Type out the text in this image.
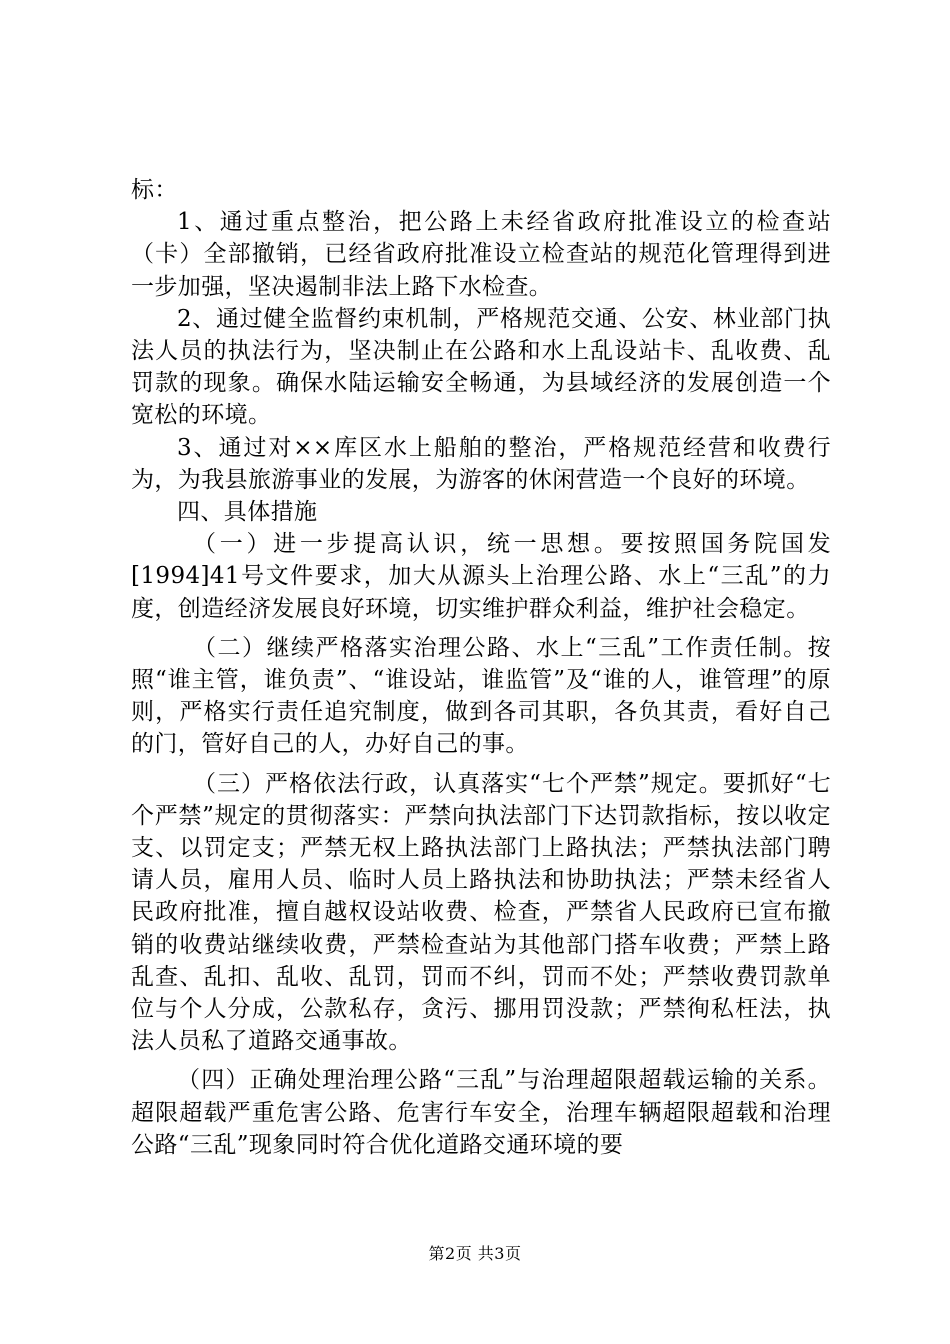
标：

1、通过重点整治，把公路上未经省政府批准设立的检查站（卡）全部撤销，已经省政府批准设立检查站的规范化管理得到进一步加强，坚决遏制非法上路下水检查。

2、通过健全监督约束机制，严格规范交通、公安、林业部门执法人员的执法行为，坚决制止在公路和水上乱设站卡、乱收费、乱罚款的现象。确保水陆运输安全畅通，为县域经济的发展创造一个宽松的环境。

3、通过对××库区水上船舶的整治，严格规范经营和收费行为，为我县旅游事业的发展，为游客的休闲营造一个良好的环境。

四、具体措施

（一）进一步提高认识，统一思想。要按照国务院国发[1994]41号文件要求，加大从源头上治理公路、水上“三乱”的力度，创造经济发展良好环境，切实维护群众利益，维护社会稳定。

（二）继续严格落实治理公路、水上“三乱”工作责任制。按照“谁主管，谁负责”、“谁设站，谁监管”及“谁的人，谁管理”的原则，严格实行责任追究制度，做到各司其职，各负其责，看好自己的门，管好自己的人，办好自己的事。

（三）严格依法行政，认真落实“七个严禁”规定。要抓好“七个严禁”规定的贯彻落实：严禁向执法部门下达罚款指标，按以收定支、以罚定支；严禁无权上路执法部门上路执法；严禁执法部门聘请人员，雇用人员、临时人员上路执法和协助执法；严禁未经省人民政府批准，擅自越权设站收费、检查，严禁省人民政府已宣布撤销的收费站继续收费，严禁检查站为其他部门搭车收费；严禁上路乱查、乱扣、乱收、乱罚，罚而不纠，罚而不处；严禁收费罚款单位与个人分成，公款私存，贪污、挪用罚没款；严禁徇私枉法，执法人员私了道路交通事故。

（四）正确处理治理公路“三乱”与治理超限超载运输的关系。超限超载严重危害公路、危害行车安全，治理车辆超限超载和治理公路“三乱”现象同时符合优化道路交通环境的要

第2页 共3页
